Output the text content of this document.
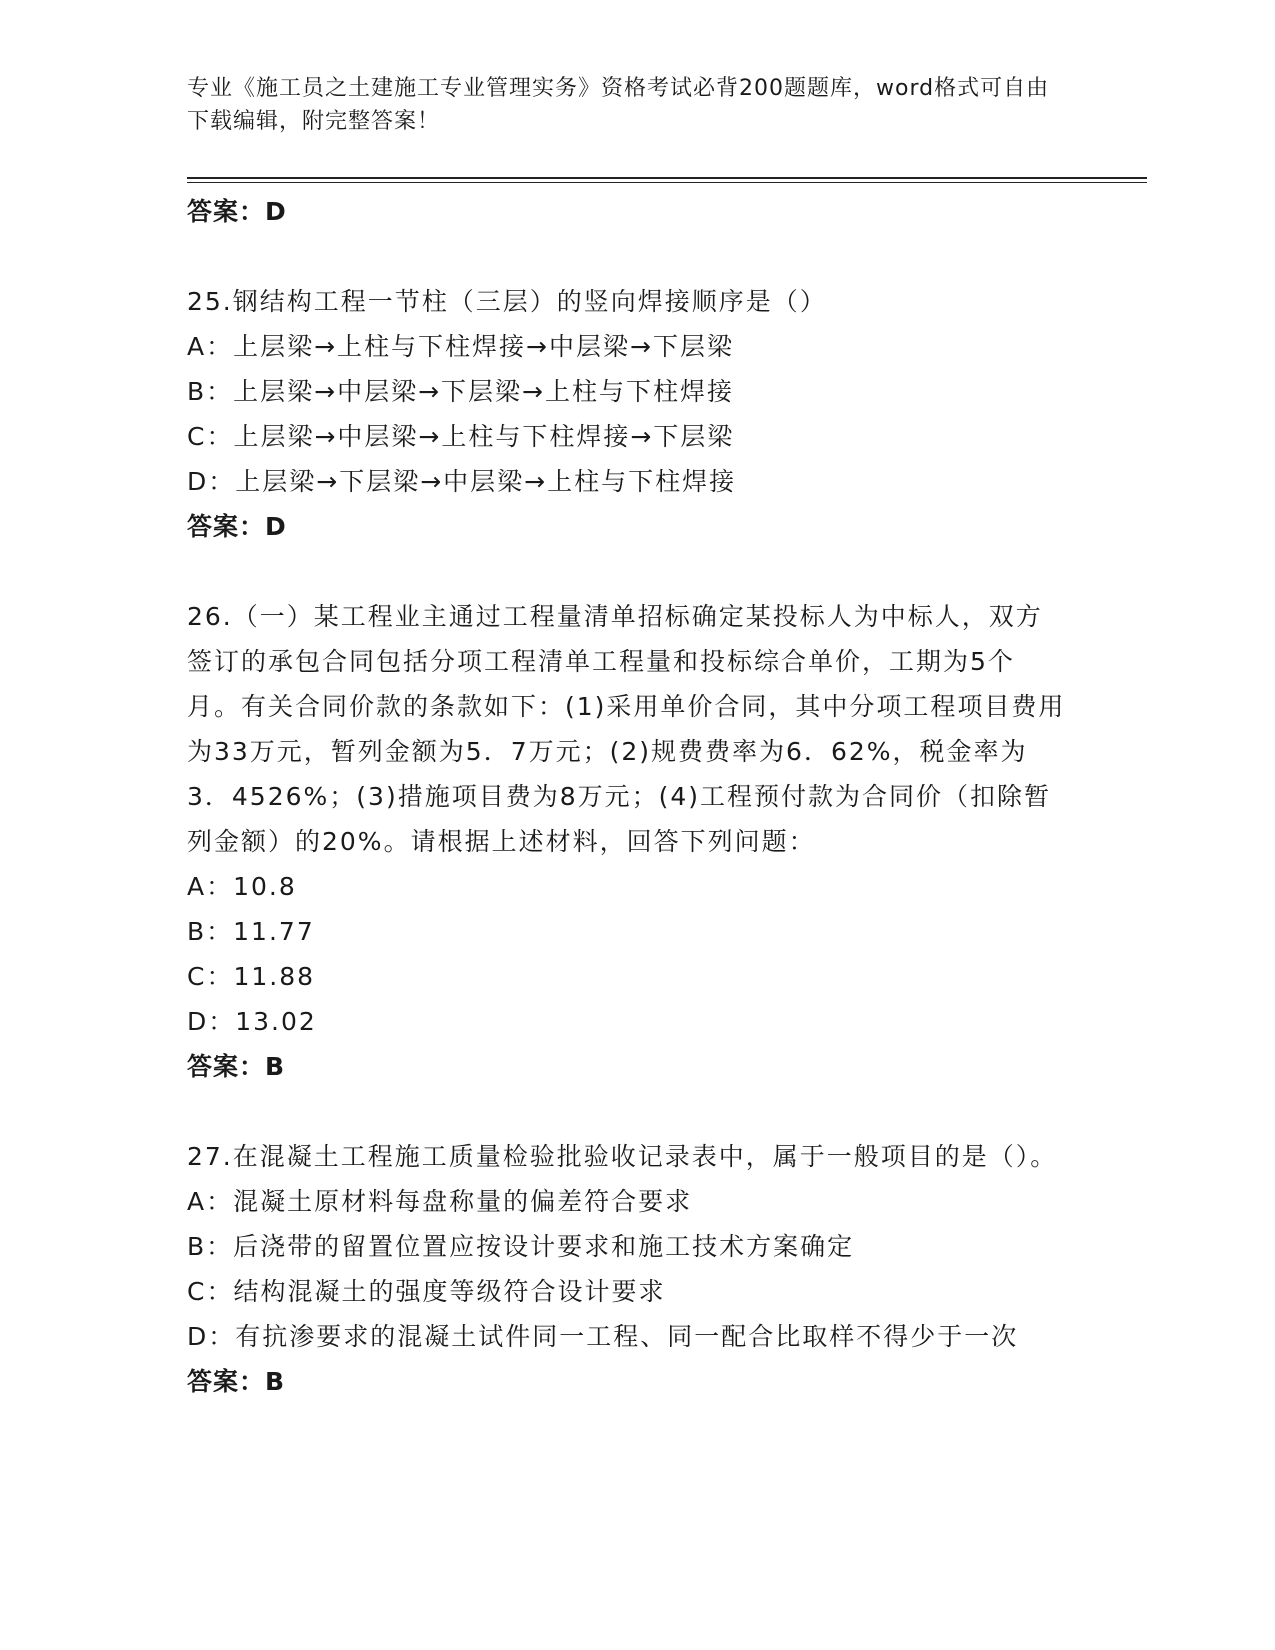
专业《施工员之土建施工专业管理实务》资格考试必背200题题库，word格式可自由下载编辑，附完整答案！
答案：D
25.钢结构工程一节柱（三层）的竖向焊接顺序是（）
A：上层梁→上柱与下柱焊接→中层梁→下层梁
B：上层梁→中层梁→下层梁→上柱与下柱焊接
C：上层梁→中层梁→上柱与下柱焊接→下层梁
D：上层梁→下层梁→中层梁→上柱与下柱焊接
答案：D
26.（一）某工程业主通过工程量清单招标确定某投标人为中标人，双方签订的承包合同包括分项工程清单工程量和投标综合单价，工期为5个月。有关合同价款的条款如下：(1)采用单价合同，其中分项工程项目费用为33万元，暂列金额为5．7万元；(2)规费费率为6．62%，税金率为3．4526%；(3)措施项目费为8万元；(4)工程预付款为合同价（扣除暂列金额）的20%。请根据上述材料，回答下列问题：
A：10.8
B：11.77
C：11.88
D：13.02
答案：B
27.在混凝土工程施工质量检验批验收记录表中，属于一般项目的是（）。
A：混凝土原材料每盘称量的偏差符合要求
B：后浇带的留置位置应按设计要求和施工技术方案确定
C：结构混凝土的强度等级符合设计要求
D：有抗渗要求的混凝土试件同一工程、同一配合比取样不得少于一次
答案：B
